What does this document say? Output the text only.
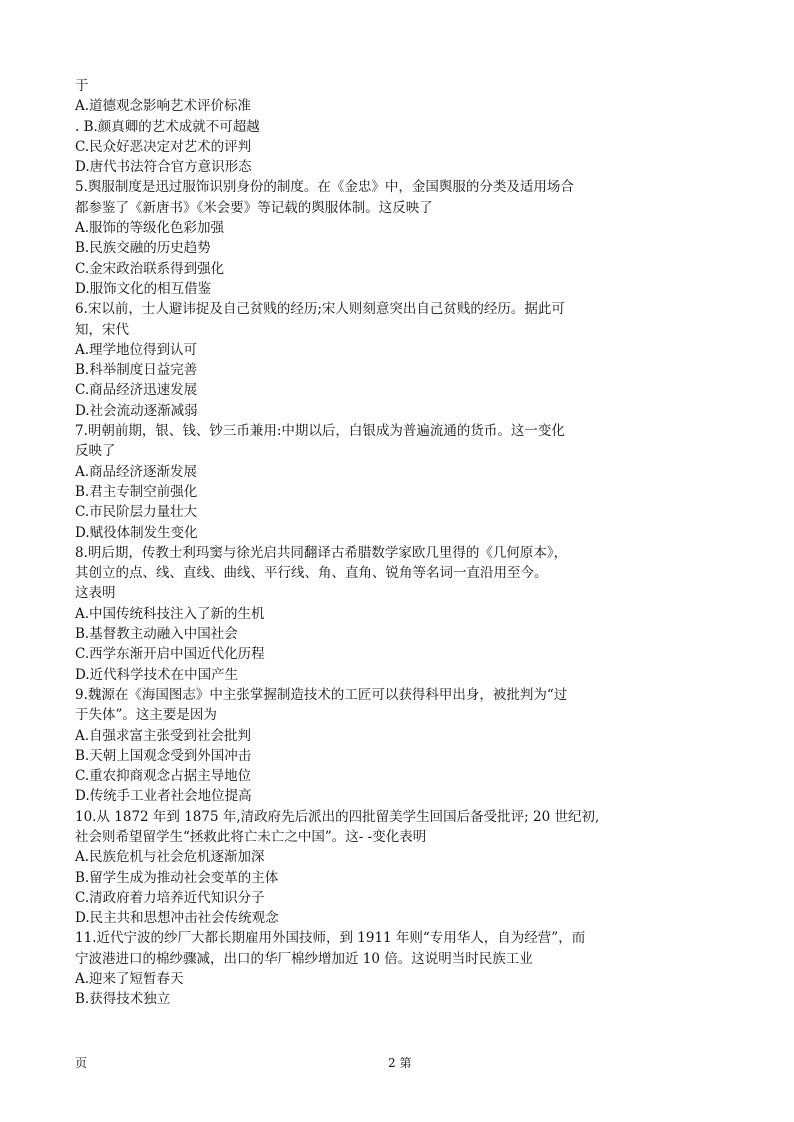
于
A.道德观念影响艺术评价标准
. B.颜真卿的艺术成就不可超越
C.民众好恶决定对艺术的评判
D.唐代书法符合官方意识形态
5.舆服制度是迅过服饰识别身份的制度。在《金忠》中，金国舆服的分类及适用场合
都参鉴了《新唐书》《米会要》等记载的舆服体制。这反映了
A.服饰的等级化色彩加强
B.民族交融的历史趋势
C.金宋政治联系得到强化
D.服饰文化的相互借鉴
6.宋以前，士人避讳捉及自己贫贱的经历;宋人则刻意突出自己贫贱的经历。据此可
知，宋代
A.理学地位得到认可
B.科举制度日益完善
C.商品经济迅速发展
D.社会流动逐渐减弱
7.明朝前期，银、钱、钞三币兼用:中期以后，白银成为普遍流通的货币。这一变化
反映了
A.商品经济逐渐发展
B.君主专制空前强化
C.市民阶层力量壮大
D.赋役体制发生变化
8.明后期，传教士利玛窦与徐光启共同翻译古希腊数学家欧几里得的《几何原本》，
其创立的点、线、直线、曲线、平行线、角、直角、锐角等名词一直沿用至今。
这表明
A.中国传统科技注入了新的生机
B.基督教主动融入中国社会
C.西学东渐开启中国近代化历程
D.近代科学技术在中国产生
9.魏源在《海国图志》中主张掌握制造技术的工匠可以获得科甲出身，被批判为“过
于失体”。这主要是因为
A.自强求富主张受到社会批判
B.天朝上国观念受到外国冲击
C.重农抑商观念占据主导地位
D.传统手工业者社会地位提高
10.从 1872 年到 1875 年,清政府先后派出的四批留美学生回国后备受批评; 20 世纪初,
社会则希望留学生“拯救此将亡未亡之中国”。这- -变化表明
A.民族危机与社会危机逐渐加深
B.留学生成为推动社会变革的主体
C.清政府着力培养近代知识分子
D.民主共和思想冲击社会传统观念
11.近代宁波的纱厂大都长期雇用外国技师，到 1911 年则“专用华人，自为经营”，而
宁波港进口的棉纱骤减，出口的华厂棉纱增加近 10 倍。这说明当时民族工业
A.迎来了短暂春天
B.获得技术独立
页	2 第
